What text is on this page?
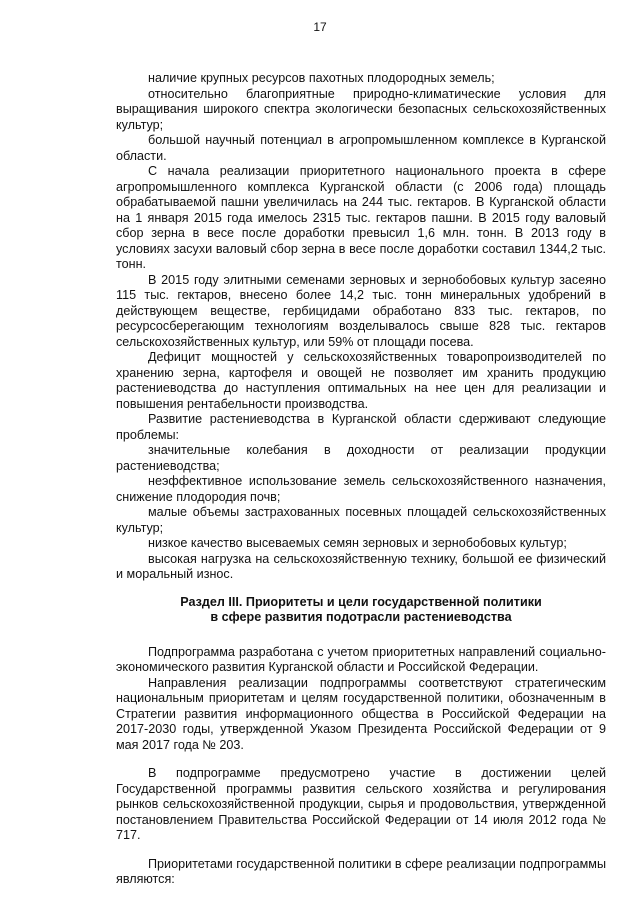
17

наличие крупных ресурсов пахотных плодородных земель;

относительно благоприятные природно-климатические условия для выращивания широкого спектра экологически безопасных сельскохозяйственных культур;

большой научный потенциал в агропромышленном комплексе в Курганской области.

С начала реализации приоритетного национального проекта в сфере агропромышленного комплекса Курганской области (с 2006 года) площадь обрабатываемой пашни увеличилась на 244 тыс. гектаров. В Курганской области на 1 января 2015 года имелось 2315 тыс. гектаров пашни. В 2015 году валовый сбор зерна в весе после доработки превысил 1,6 млн. тонн. В 2013 году в условиях засухи валовый сбор зерна в весе после доработки составил 1344,2 тыс. тонн.

В 2015 году элитными семенами зерновых и зернобобовых культур засеяно 115 тыс. гектаров, внесено более 14,2 тыс. тонн минеральных удобрений в действующем веществе, гербицидами обработано 833 тыс. гектаров, по ресурсосберегающим технологиям возделывалось свыше 828 тыс. гектаров сельскохозяйственных культур, или 59% от площади посева.

Дефицит мощностей у сельскохозяйственных товаропроизводителей по хранению зерна, картофеля и овощей не позволяет им хранить продукцию растениеводства до наступления оптимальных на нее цен для реализации и повышения рентабельности производства.

Развитие растениеводства в Курганской области сдерживают следующие проблемы:

значительные колебания в доходности от реализации продукции растениеводства;

неэффективное использование земель сельскохозяйственного назначения, снижение плодородия почв;

малые объемы застрахованных посевных площадей сельскохозяйственных культур;

низкое качество высеваемых семян зерновых и зернобобовых культур;

высокая нагрузка на сельскохозяйственную технику, большой ее физический и моральный износ.

Раздел III. Приоритеты и цели государственной политики
в сфере развития подотрасли растениеводства

Подпрограмма разработана с учетом приоритетных направлений социально-экономического развития Курганской области и Российской Федерации.

Направления реализации подпрограммы соответствуют стратегическим национальным приоритетам и целям государственной политики, обозначенным в Стратегии развития информационного общества в Российской Федерации на 2017-2030 годы, утвержденной Указом Президента Российской Федерации от 9 мая 2017 года № 203.

В подпрограмме предусмотрено участие в достижении целей Государственной программы развития сельского хозяйства и регулирования рынков сельскохозяйственной продукции, сырья и продовольствия, утвержденной постановлением Правительства Российской Федерации от 14 июля 2012 года № 717.

Приоритетами государственной политики в сфере реализации подпрограммы являются:
